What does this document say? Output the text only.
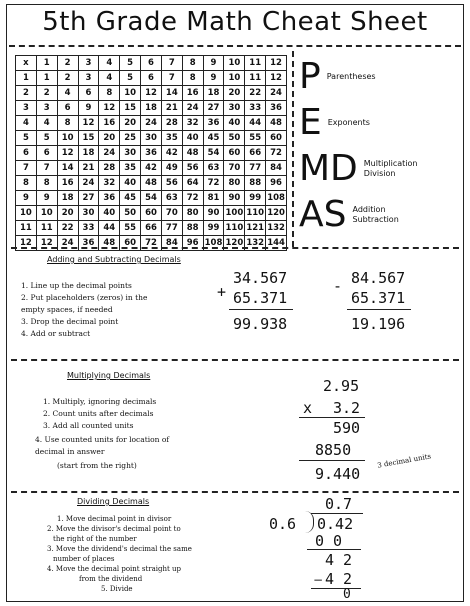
5th Grade Math Cheat Sheet
x	1	2	3	4	5	6	7	8	9	10	11	12
1	1	2	3	4	5	6	7	8	9	10	11	12
2	2	4	6	8	10	12	14	16	18	20	22	24
3	3	6	9	12	15	18	21	24	27	30	33	36
4	4	8	12	16	20	24	28	32	36	40	44	48
5	5	10	15	20	25	30	35	40	45	50	55	60
6	6	12	18	24	30	36	42	48	54	60	66	72
7	7	14	21	28	35	42	49	56	63	70	77	84
8	8	16	24	32	40	48	56	64	72	80	88	96
9	9	18	27	36	45	54	63	72	81	90	99	108
10	10	20	30	40	50	60	70	80	90	100	110	120
11	11	22	33	44	55	66	77	88	99	110	121	132
12	12	24	36	48	60	72	84	96	108	120	132	144
P Parentheses
E Exponents
MD Multiplication
Division
AS Addition
Subtraction
Adding and Subtracting Decimals
1. Line up the decimal points
2. Put placeholders (zeros) in the
empty spaces, if needed
3. Drop the decimal point
4. Add or subtract
34.567
+ 65.371
99.938
84.567
-
65.371
19.196
Multiplying Decimals
1. Multiply, ignoring decimals
2. Count units after decimals
3. Add all counted units
4. Use counted units for location of
decimal in answer
(start from the right)
2.95
x 3.2
590
8850
9.440
3 decimal units
Dividing Decimals
1. Move decimal point in divisor
2. Move the divisor's decimal point to
the right of the number
3. Move the dividend's decimal the same
number of places
4. Move the decimal point straight up
from the dividend
5. Divide
0.7
0.6 0.42
0 0
4 2
− 4 2
0
